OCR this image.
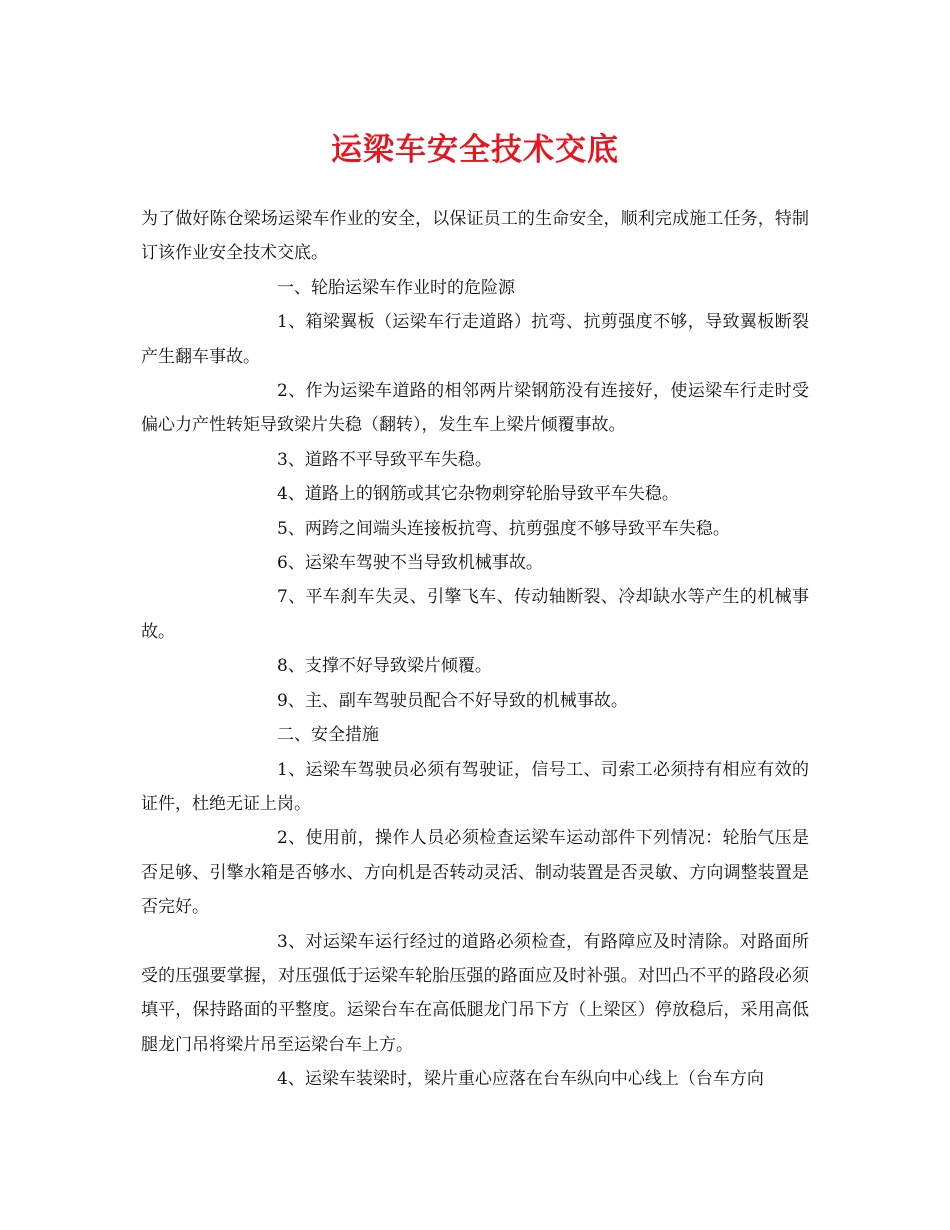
运梁车安全技术交底

为了做好陈仓梁场运梁车作业的安全，以保证员工的生命安全，顺利完成施工任务，特制订该作业安全技术交底。

一、轮胎运梁车作业时的危险源

1、箱梁翼板（运梁车行走道路）抗弯、抗剪强度不够，导致翼板断裂产生翻车事故。

2、作为运梁车道路的相邻两片梁钢筋没有连接好，使运梁车行走时受偏心力产性转矩导致梁片失稳（翻转），发生车上梁片倾覆事故。

3、道路不平导致平车失稳。

4、道路上的钢筋或其它杂物刺穿轮胎导致平车失稳。

5、两跨之间端头连接板抗弯、抗剪强度不够导致平车失稳。

6、运梁车驾驶不当导致机械事故。

7、平车刹车失灵、引擎飞车、传动轴断裂、冷却缺水等产生的机械事故。

8、支撑不好导致梁片倾覆。

9、主、副车驾驶员配合不好导致的机械事故。

二、安全措施

1、运梁车驾驶员必须有驾驶证，信号工、司索工必须持有相应有效的证件，杜绝无证上岗。

2、使用前，操作人员必须检查运梁车运动部件下列情况：轮胎气压是否足够、引擎水箱是否够水、方向机是否转动灵活、制动装置是否灵敏、方向调整装置是否完好。

3、对运梁车运行经过的道路必须检查，有路障应及时清除。对路面所受的压强要掌握，对压强低于运梁车轮胎压强的路面应及时补强。对凹凸不平的路段必须填平，保持路面的平整度。运梁台车在高低腿龙门吊下方（上梁区）停放稳后，采用高低腿龙门吊将梁片吊至运梁台车上方。

4、运梁车装梁时，梁片重心应落在台车纵向中心线上（台车方向
